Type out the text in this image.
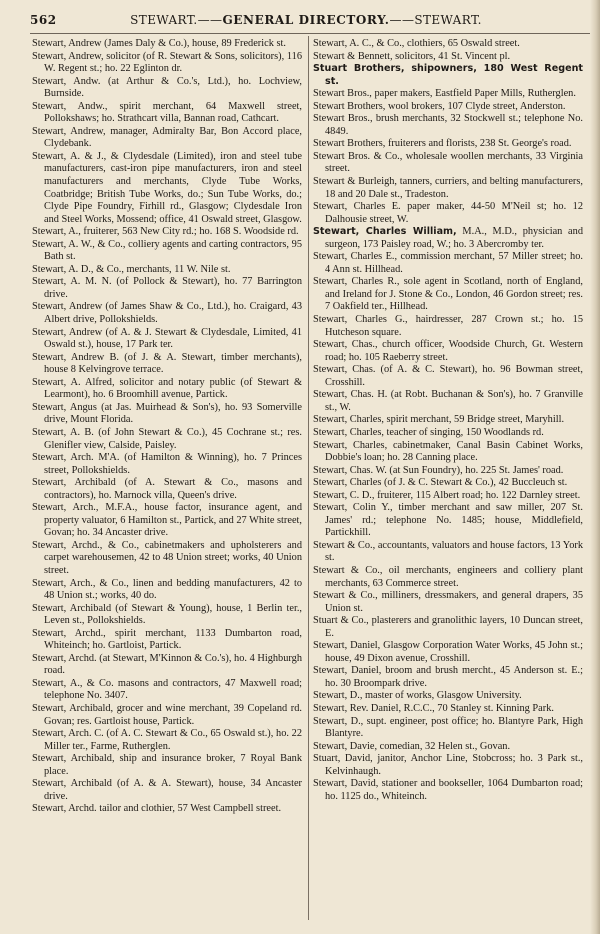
562	STEWART.——GENERAL DIRECTORY.——STEWART.

Stewart, Andrew (James Daly & Co.), house, 89 Frederick st.

Stewart, Andrew, solicitor (of R. Stewart & Sons, solicitors), 116 W. Regent st.; ho. 22 Eglinton dr.

Stewart, Andw. (at Arthur & Co.'s, Ltd.), ho. Lochview, Burnside.

Stewart, Andw., spirit merchant, 64 Maxwell street, Pollokshaws; ho. Strathcart villa, Bannan road, Cathcart.

Stewart, Andrew, manager, Admiralty Bar, Bon Accord place, Clydebank.

Stewart, A. & J., & Clydesdale (Limited), iron and steel tube manufacturers, cast-iron pipe manufacturers, iron and steel manufacturers and merchants, Clyde Tube Works, Coatbridge; British Tube Works, do.; Sun Tube Works, do.; Clyde Pipe Foundry, Firhill rd., Glasgow; Clydesdale Iron and Steel Works, Mossend; office, 41 Oswald street, Glasgow.

Stewart, A., fruiterer, 563 New City rd.; ho. 168 S. Woodside rd.

Stewart, A. W., & Co., colliery agents and carting contractors, 95 Bath st.

Stewart, A. D., & Co., merchants, 11 W. Nile st.

Stewart, A. M. N. (of Pollock & Stewart), ho. 77 Barrington drive.

Stewart, Andrew (of James Shaw & Co., Ltd.), ho. Craigard, 43 Albert drive, Pollokshields.

Stewart, Andrew (of A. & J. Stewart & Clydesdale, Limited, 41 Oswald st.), house, 17 Park ter.

Stewart, Andrew B. (of J. & A. Stewart, timber merchants), house 8 Kelvingrove terrace.

Stewart, A. Alfred, solicitor and notary public (of Stewart & Learmont), ho. 6 Broomhill avenue, Partick.

Stewart, Angus (at Jas. Muirhead & Son's), ho. 93 Somerville drive, Mount Florida.

Stewart, A. B. (of John Stewart & Co.), 45 Cochrane st.; res. Glenifler view, Calside, Paisley.

Stewart, Arch. M'A. (of Hamilton & Winning), ho. 7 Princes street, Pollokshields.

Stewart, Archibald (of A. Stewart & Co., masons and contractors), ho. Marnock villa, Queen's drive.

Stewart, Arch., M.F.A., house factor, insurance agent, and property valuator, 6 Hamilton st., Partick, and 27 White street, Govan; ho. 34 Ancaster drive.

Stewart, Archd., & Co., cabinetmakers and upholsterers and carpet warehousemen, 42 to 48 Union street; works, 40 Union street.

Stewart, Arch., & Co., linen and bedding manufacturers, 42 to 48 Union st.; works, 40 do.

Stewart, Archibald (of Stewart & Young), house, 1 Berlin ter., Leven st., Pollokshields.

Stewart, Archd., spirit merchant, 1133 Dumbarton road, Whiteinch; ho. Gartloist, Partick.

Stewart, Archd. (at Stewart, M'Kinnon & Co.'s), ho. 4 Highburgh road.

Stewart, A., & Co. masons and contractors, 47 Maxwell road; telephone No. 3407.

Stewart, Archibald, grocer and wine merchant, 39 Copeland rd. Govan; res. Gartloist house, Partick.

Stewart, Arch. C. (of A. C. Stewart & Co., 65 Oswald st.), ho. 22 Miller ter., Farme, Rutherglen.

Stewart, Archibald, ship and insurance broker, 7 Royal Bank place.

Stewart, Archibald (of A. & A. Stewart), house, 34 Ancaster drive.

Stewart, Archd. tailor and clothier, 57 West Campbell street.

Stewart, A. C., & Co., clothiers, 65 Oswald street.

Stewart & Bennett, solicitors, 41 St. Vincent pl.

Stuart Brothers, shipowners, 180 West Regent st.

Stewart Bros., paper makers, Eastfield Paper Mills, Rutherglen.

Stewart Brothers, wool brokers, 107 Clyde street, Anderston.

Stewart Bros., brush merchants, 32 Stockwell st.; telephone No. 4849.

Stewart Brothers, fruiterers and florists, 238 St. George's road.

Stewart Bros. & Co., wholesale woollen merchants, 33 Virginia street.

Stewart & Burleigh, tanners, curriers, and belting manufacturers, 18 and 20 Dale st., Tradeston.

Stewart, Charles E. paper maker, 44-50 M'Neil st; ho. 12 Dalhousie street, W.

Stewart, Charles William, M.A., M.D., physician and surgeon, 173 Paisley road, W.; ho. 3 Abercromby ter.

Stewart, Charles E., commission merchant, 57 Miller street; ho. 4 Ann st. Hillhead.

Stewart, Charles R., sole agent in Scotland, north of England, and Ireland for J. Stone & Co., London, 46 Gordon street; res. 7 Oakfield ter., Hillhead.

Stewart, Charles G., hairdresser, 287 Crown st.; ho. 15 Hutcheson square.

Stewart, Chas., church officer, Woodside Church, Gt. Western road; ho. 105 Raeberry street.

Stewart, Chas. (of A. & C. Stewart), ho. 96 Bowman street, Crosshill.

Stewart, Chas. H. (at Robt. Buchanan & Son's), ho. 7 Granville st., W.

Stewart, Charles, spirit merchant, 59 Bridge street, Maryhill.

Stewart, Charles, teacher of singing, 150 Woodlands rd.

Stewart, Charles, cabinetmaker, Canal Basin Cabinet Works, Dobbie's loan; ho. 28 Canning place.

Stewart, Chas. W. (at Sun Foundry), ho. 225 St. James' road.

Stewart, Charles (of J. & C. Stewart & Co.), 42 Buccleuch st.

Stewart, C. D., fruiterer, 115 Albert road; ho. 122 Darnley street.

Stewart, Colin Y., timber merchant and saw miller, 207 St. James' rd.; telephone No. 1485; house, Middlefield, Partickhill.

Stewart & Co., accountants, valuators and house factors, 13 York st.

Stewart & Co., oil merchants, engineers and colliery plant merchants, 63 Commerce street.

Stewart & Co., milliners, dressmakers, and general drapers, 35 Union st.

Stuart & Co., plasterers and granolithic layers, 10 Duncan street, E.

Stewart, Daniel, Glasgow Corporation Water Works, 45 John st.; house, 49 Dixon avenue, Crosshill.

Stewart, Daniel, broom and brush mercht., 45 Anderson st. E.; ho. 30 Broompark drive.

Stewart, D., master of works, Glasgow University.

Stewart, Rev. Daniel, R.C.C., 70 Stanley st. Kinning Park.

Stewart, D., supt. engineer, post office; ho. Blantyre Park, High Blantyre.

Stewart, Davie, comedian, 32 Helen st., Govan.

Stuart, David, janitor, Anchor Line, Stobcross; ho. 3 Park st., Kelvinhaugh.

Stewart, David, stationer and bookseller, 1064 Dumbarton road; ho. 1125 do., Whiteinch.
